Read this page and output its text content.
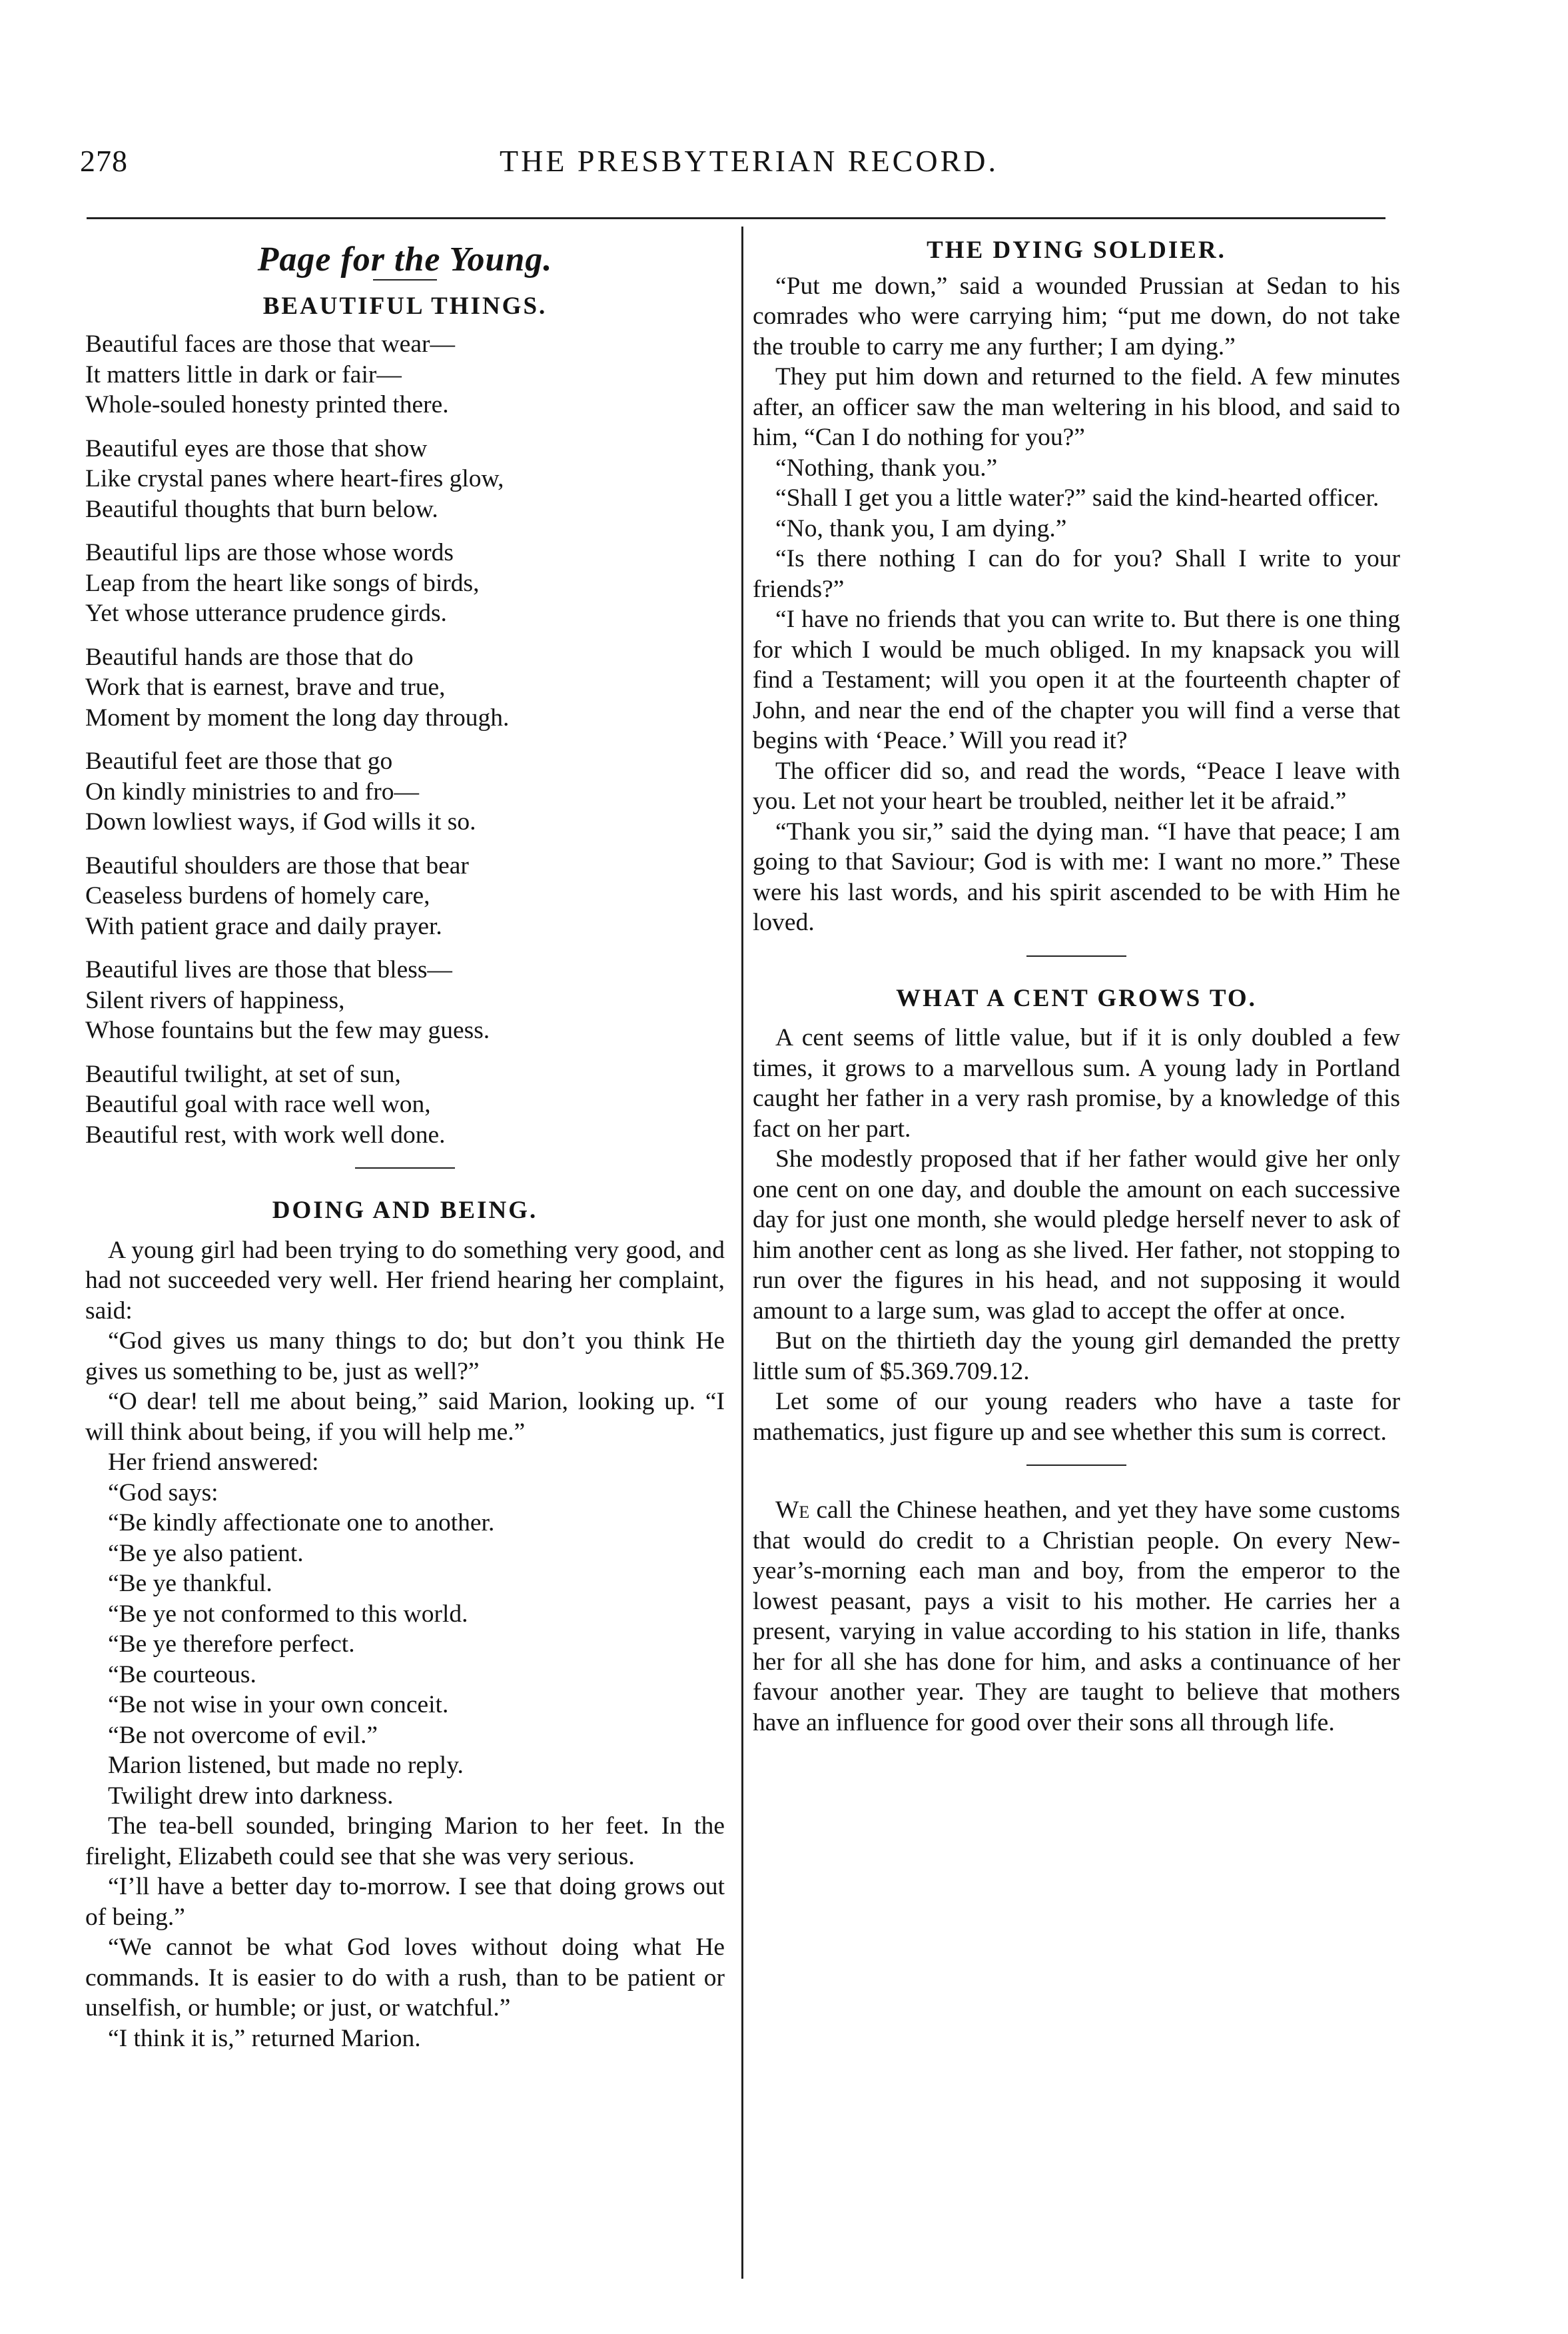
278	THE PRESBYTERIAN RECORD.
Page for the Young.
BEAUTIFUL THINGS.
Beautiful faces are those that wear—
It matters little in dark or fair—
Whole-souled honesty printed there.
Beautiful eyes are those that show
Like crystal panes where heart-fires glow,
Beautiful thoughts that burn below.
Beautiful lips are those whose words
Leap from the heart like songs of birds,
Yet whose utterance prudence girds.
Beautiful hands are those that do
Work that is earnest, brave and true,
Moment by moment the long day through.
Beautiful feet are those that go
On kindly ministries to and fro—
Down lowliest ways, if God wills it so.
Beautiful shoulders are those that bear
Ceaseless burdens of homely care,
With patient grace and daily prayer.
Beautiful lives are those that bless—
Silent rivers of happiness,
Whose fountains but the few may guess.
Beautiful twilight, at set of sun,
Beautiful goal with race well won,
Beautiful rest, with work well done.
DOING AND BEING.

A young girl had been trying to do something very good, and had not succeeded very well. Her friend hearing her complaint, said:

“God gives us many things to do; but don’t you think He gives us something to be, just as well?”

“O dear! tell me about being,” said Marion, looking up. “I will think about being, if you will help me.”

Her friend answered:

“God says:

“Be kindly affectionate one to another.

“Be ye also patient.

“Be ye thankful.

“Be ye not conformed to this world.

“Be ye therefore perfect.

“Be courteous.

“Be not wise in your own conceit.

“Be not overcome of evil.”

Marion listened, but made no reply.

Twilight drew into darkness.

The tea-bell sounded, bringing Marion to her feet. In the firelight, Elizabeth could see that she was very serious.

“I’ll have a better day to-morrow. I see that doing grows out of being.”

“We cannot be what God loves without doing what He commands. It is easier to do with a rush, than to be patient or unselfish, or humble; or just, or watchful.”

“I think it is,” returned Marion.

THE DYING SOLDIER.

“Put me down,” said a wounded Prussian at Sedan to his comrades who were carrying him; “put me down, do not take the trouble to carry me any further; I am dying.”

They put him down and returned to the field. A few minutes after, an officer saw the man weltering in his blood, and said to him, “Can I do nothing for you?”

“Nothing, thank you.”

“Shall I get you a little water?” said the kind-hearted officer.

“No, thank you, I am dying.”

“Is there nothing I can do for you? Shall I write to your friends?”

“I have no friends that you can write to. But there is one thing for which I would be much obliged. In my knapsack you will find a Testament; will you open it at the fourteenth chapter of John, and near the end of the chapter you will find a verse that begins with ‘Peace.’ Will you read it?

The officer did so, and read the words, “Peace I leave with you. Let not your heart be troubled, neither let it be afraid.”

“Thank you sir,” said the dying man. “I have that peace; I am going to that Saviour; God is with me: I want no more.” These were his last words, and his spirit ascended to be with Him he loved.

WHAT A CENT GROWS TO.

A cent seems of little value, but if it is only doubled a few times, it grows to a marvellous sum. A young lady in Portland caught her father in a very rash promise, by a knowledge of this fact on her part.

She modestly proposed that if her father would give her only one cent on one day, and double the amount on each successive day for just one month, she would pledge herself never to ask of him another cent as long as she lived. Her father, not stopping to run over the figures in his head, and not supposing it would amount to a large sum, was glad to accept the offer at once.

But on the thirtieth day the young girl demanded the pretty little sum of $5.369.709.12.

Let some of our young readers who have a taste for mathematics, just figure up and see whether this sum is correct.

We call the Chinese heathen, and yet they have some customs that would do credit to a Christian people. On every New-year’s-morning each man and boy, from the emperor to the lowest peasant, pays a visit to his mother. He carries her a present, varying in value according to his station in life, thanks her for all she has done for him, and asks a continuance of her favour another year. They are taught to believe that mothers have an influence for good over their sons all through life.
